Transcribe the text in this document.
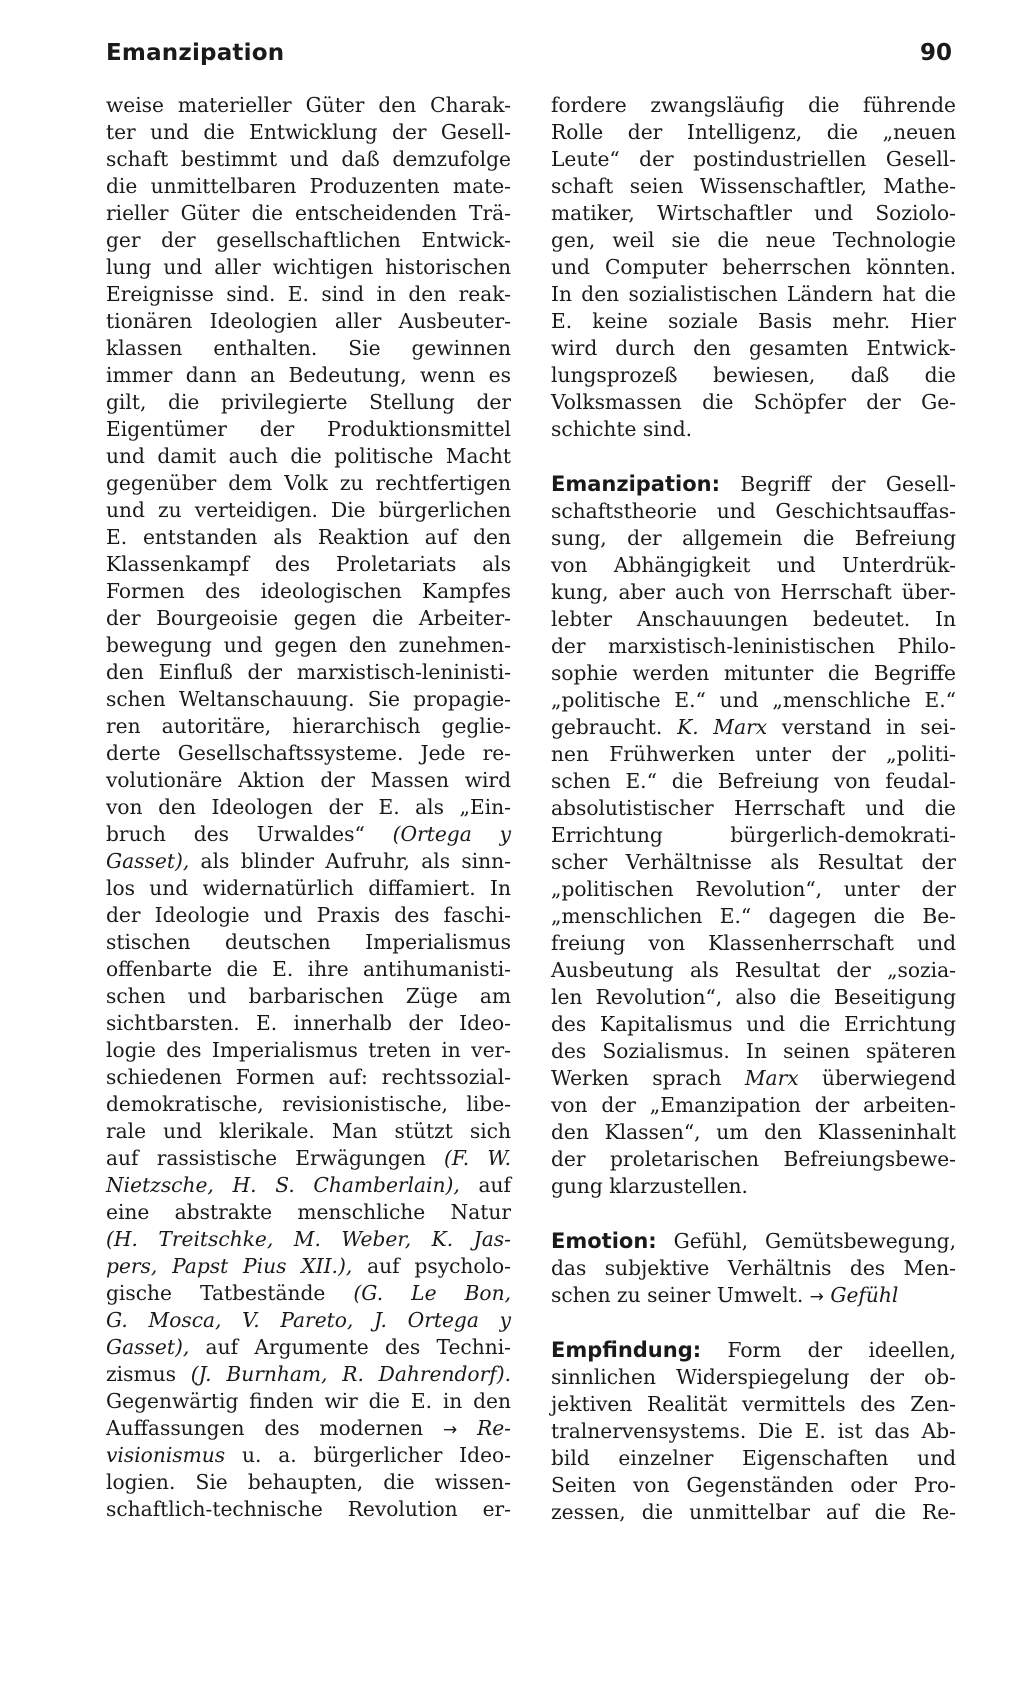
Emanzipation	90
weise materieller Güter den Charak-
ter und die Entwicklung der Gesell-
schaft bestimmt und daß demzufolge
die unmittelbaren Produzenten mate-
rieller Güter die entscheidenden Trä-
ger der gesellschaftlichen Entwick-
lung und aller wichtigen historischen
Ereignisse sind. E. sind in den reak-
tionären Ideologien aller Ausbeuter-
klassen enthalten. Sie gewinnen
immer dann an Bedeutung, wenn es
gilt, die privilegierte Stellung der
Eigentümer der Produktionsmittel
und damit auch die politische Macht
gegenüber dem Volk zu rechtfertigen
und zu verteidigen. Die bürgerlichen
E. entstanden als Reaktion auf den
Klassenkampf des Proletariats als
Formen des ideologischen Kampfes
der Bourgeoisie gegen die Arbeiter-
bewegung und gegen den zunehmen-
den Einfluß der marxistisch-leninisti-
schen Weltanschauung. Sie propagie-
ren autoritäre, hierarchisch geglie-
derte Gesellschaftssysteme. Jede re-
volutionäre Aktion der Massen wird
von den Ideologen der E. als „Ein-
bruch des Urwaldes“ (Ortega y
Gasset), als blinder Aufruhr, als sinn-
los und widernatürlich diffamiert. In
der Ideologie und Praxis des faschi-
stischen deutschen Imperialismus
offenbarte die E. ihre antihumanisti-
schen und barbarischen Züge am
sichtbarsten. E. innerhalb der Ideo-
logie des Imperialismus treten in ver-
schiedenen Formen auf: rechtssozial-
demokratische, revisionistische, libe-
rale und klerikale. Man stützt sich
auf rassistische Erwägungen (F. W.
Nietzsche, H. S. Chamberlain), auf
eine abstrakte menschliche Natur
(H. Treitschke, M. Weber, K. Jas-
pers, Papst Pius XII.), auf psycholo-
gische Tatbestände (G. Le Bon,
G. Mosca, V. Pareto, J. Ortega y
Gasset), auf Argumente des Techni-
zismus (J. Burnham, R. Dahrendorf).
Gegenwärtig finden wir die E. in den
Auffassungen des modernen → Re-
visionismus u. a. bürgerlicher Ideo-
logien. Sie behaupten, die wissen-
schaftlich-technische Revolution er-
fordere zwangsläufig die führende
Rolle der Intelligenz, die „neuen
Leute“ der postindustriellen Gesell-
schaft seien Wissenschaftler, Mathe-
matiker, Wirtschaftler und Soziolo-
gen, weil sie die neue Technologie
und Computer beherrschen könnten.
In den sozialistischen Ländern hat die
E. keine soziale Basis mehr. Hier
wird durch den gesamten Entwick-
lungsprozeß bewiesen, daß die
Volksmassen die Schöpfer der Ge-
schichte sind.
Emanzipation: Begriff der Gesell-
schaftstheorie und Geschichtsauffas-
sung, der allgemein die Befreiung
von Abhängigkeit und Unterdrük-
kung, aber auch von Herrschaft über-
lebter Anschauungen bedeutet. In
der marxistisch-leninistischen Philo-
sophie werden mitunter die Begriffe
„politische E.“ und „menschliche E.“
gebraucht. K. Marx verstand in sei-
nen Frühwerken unter der „politi-
schen E.“ die Befreiung von feudal-
absolutistischer Herrschaft und die
Errichtung bürgerlich-demokrati-
scher Verhältnisse als Resultat der
„politischen Revolution“, unter der
„menschlichen E.“ dagegen die Be-
freiung von Klassenherrschaft und
Ausbeutung als Resultat der „sozia-
len Revolution“, also die Beseitigung
des Kapitalismus und die Errichtung
des Sozialismus. In seinen späteren
Werken sprach Marx überwiegend
von der „Emanzipation der arbeiten-
den Klassen“, um den Klasseninhalt
der proletarischen Befreiungsbewe-
gung klarzustellen.
Emotion: Gefühl, Gemütsbewegung,
das subjektive Verhältnis des Men-
schen zu seiner Umwelt. → Gefühl
Empfindung: Form der ideellen,
sinnlichen Widerspiegelung der ob-
jektiven Realität vermittels des Zen-
tralnervensystems. Die E. ist das Ab-
bild einzelner Eigenschaften und
Seiten von Gegenständen oder Pro-
zessen, die unmittelbar auf die Re-
